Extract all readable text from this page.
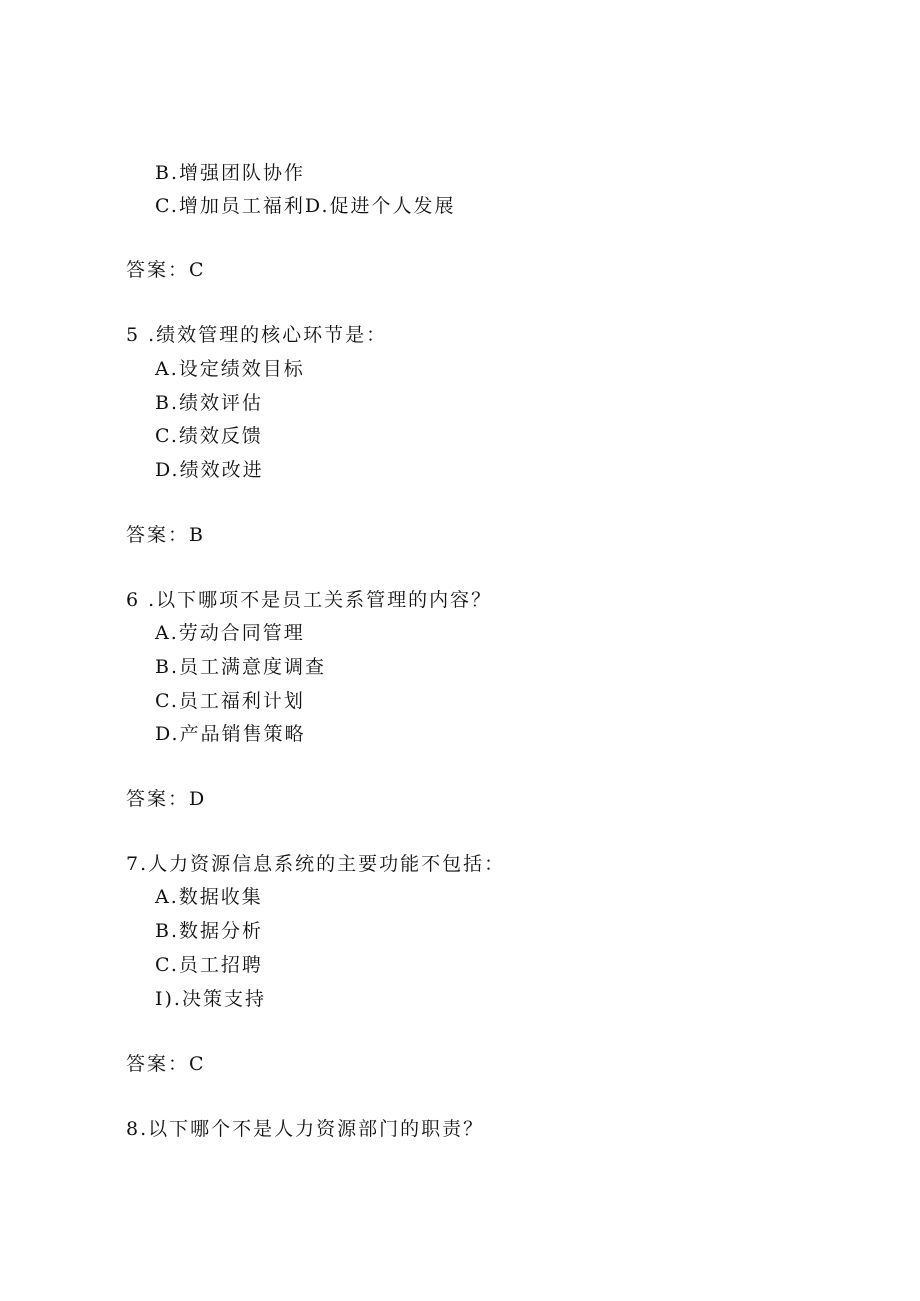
B.增强团队协作
C.增加员工福利D.促进个人发展
答案：C
5 .绩效管理的核心环节是：
A.设定绩效目标
B.绩效评估
C.绩效反馈
D.绩效改进
答案：B
6 .以下哪项不是员工关系管理的内容？
A.劳动合同管理
B.员工满意度调查
C.员工福利计划
D.产品销售策略
答案：D
7.人力资源信息系统的主要功能不包括：
A.数据收集
B.数据分析
C.员工招聘
I).决策支持
答案：C
8.以下哪个不是人力资源部门的职责？
